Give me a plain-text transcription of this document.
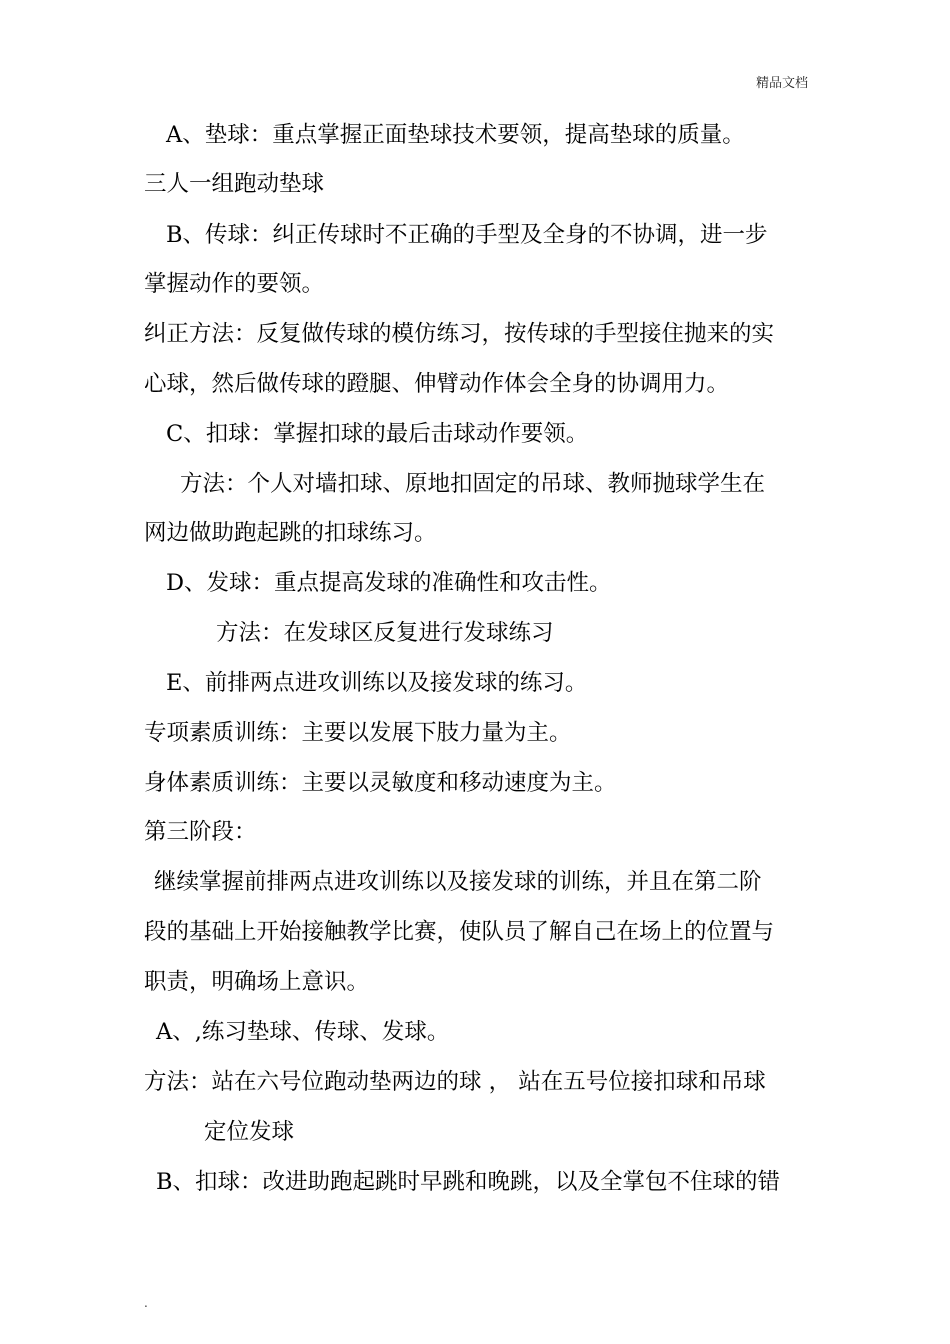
精品文档
A、垫球：重点掌握正面垫球技术要领，提高垫球的质量。
三人一组跑动垫球
B、传球：纠正传球时不正确的手型及全身的不协调，进一步
掌握动作的要领。
纠正方法：反复做传球的模仿练习，按传球的手型接住抛来的实
心球，然后做传球的蹬腿、伸臂动作体会全身的协调用力。
C、扣球：掌握扣球的最后击球动作要领。
方法：个人对墙扣球、原地扣固定的吊球、教师抛球学生在
网边做助跑起跳的扣球练习。
D、发球：重点提高发球的准确性和攻击性。
方法：在发球区反复进行发球练习
E、前排两点进攻训练以及接发球的练习。
专项素质训练：主要以发展下肢力量为主。
身体素质训练：主要以灵敏度和移动速度为主。
第三阶段：
继续掌握前排两点进攻训练以及接发球的训练，并且在第二阶
段的基础上开始接触教学比赛，使队员了解自己在场上的位置与
职责，明确场上意识。
A、,练习垫球、传球、发球。
方法：站在六号位跑动垫两边的球 ， 站在五号位接扣球和吊球
定位发球
B、扣球：改进助跑起跳时早跳和晚跳，以及全掌包不住球的错
.
